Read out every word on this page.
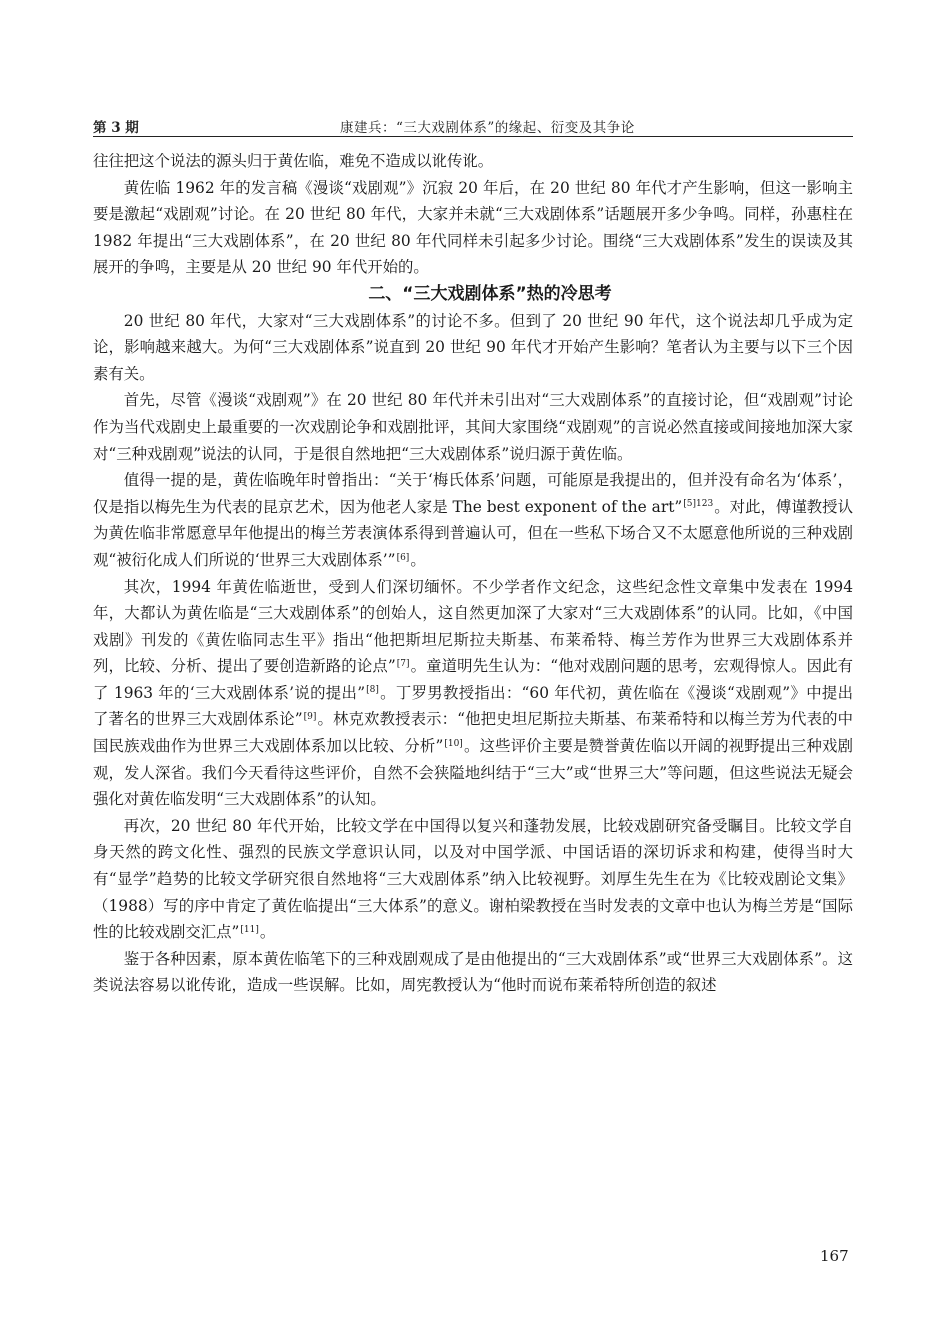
第 3 期	康建兵：“三大戏剧体系”的缘起、衍变及其争论

往往把这个说法的源头归于黄佐临，难免不造成以讹传讹。

黄佐临 1962 年的发言稿《漫谈“戏剧观”》沉寂 20 年后，在 20 世纪 80 年代才产生影响，但这一影响主要是激起“戏剧观”讨论。在 20 世纪 80 年代，大家并未就“三大戏剧体系”话题展开多少争鸣。同样，孙惠柱在 1982 年提出“三大戏剧体系”，在 20 世纪 80 年代同样未引起多少讨论。围绕“三大戏剧体系”发生的误读及其展开的争鸣，主要是从 20 世纪 90 年代开始的。

二、“三大戏剧体系”热的冷思考

20 世纪 80 年代，大家对“三大戏剧体系”的讨论不多。但到了 20 世纪 90 年代，这个说法却几乎成为定论，影响越来越大。为何“三大戏剧体系”说直到 20 世纪 90 年代才开始产生影响？笔者认为主要与以下三个因素有关。

首先，尽管《漫谈“戏剧观”》在 20 世纪 80 年代并未引出对“三大戏剧体系”的直接讨论，但“戏剧观”讨论作为当代戏剧史上最重要的一次戏剧论争和戏剧批评，其间大家围绕“戏剧观”的言说必然直接或间接地加深大家对“三种戏剧观”说法的认同，于是很自然地把“三大戏剧体系”说归源于黄佐临。

值得一提的是，黄佐临晚年时曾指出：“关于‘梅氏体系’问题，可能原是我提出的，但并没有命名为‘体系’，仅是指以梅先生为代表的昆京艺术，因为他老人家是 The best exponent of the art”$^{[5]123}$。对此，傅谨教授认为黄佐临非常愿意早年他提出的梅兰芳表演体系得到普遍认可，但在一些私下场合又不太愿意他所说的三种戏剧观“被衍化成人们所说的‘世界三大戏剧体系’”[6]。

其次，1994 年黄佐临逝世，受到人们深切缅怀。不少学者作文纪念，这些纪念性文章集中发表在 1994 年，大都认为黄佐临是“三大戏剧体系”的创始人，这自然更加深了大家对“三大戏剧体系”的认同。比如，《中国戏剧》刊发的《黄佐临同志生平》指出“他把斯坦尼斯拉夫斯基、布莱希特、梅兰芳作为世界三大戏剧体系并列，比较、分析、提出了要创造新路的论点”[7]。童道明先生认为：“他对戏剧问题的思考，宏观得惊人。因此有了 1963 年的‘三大戏剧体系’说的提出”[8]。丁罗男教授指出：“60 年代初，黄佐临在《漫谈“戏剧观”》中提出了著名的世界三大戏剧体系论”[9]。林克欢教授表示：“他把史坦尼斯拉夫斯基、布莱希特和以梅兰芳为代表的中国民族戏曲作为世界三大戏剧体系加以比较、分析”[10]。这些评价主要是赞誉黄佐临以开阔的视野提出三种戏剧观，发人深省。我们今天看待这些评价，自然不会狭隘地纠结于“三大”或“世界三大”等问题，但这些说法无疑会强化对黄佐临发明“三大戏剧体系”的认知。

再次，20 世纪 80 年代开始，比较文学在中国得以复兴和蓬勃发展，比较戏剧研究备受瞩目。比较文学自身天然的跨文化性、强烈的民族文学意识认同，以及对中国学派、中国话语的深切诉求和构建，使得当时大有“显学”趋势的比较文学研究很自然地将“三大戏剧体系”纳入比较视野。刘厚生先生在为《比较戏剧论文集》（1988）写的序中肯定了黄佐临提出“三大体系”的意义。谢柏梁教授在当时发表的文章中也认为梅兰芳是“国际性的比较戏剧交汇点”[11]。

鉴于各种因素，原本黄佐临笔下的三种戏剧观成了是由他提出的“三大戏剧体系”或“世界三大戏剧体系”。这类说法容易以讹传讹，造成一些误解。比如，周宪教授认为“他时而说布莱希特所创造的叙述

167
